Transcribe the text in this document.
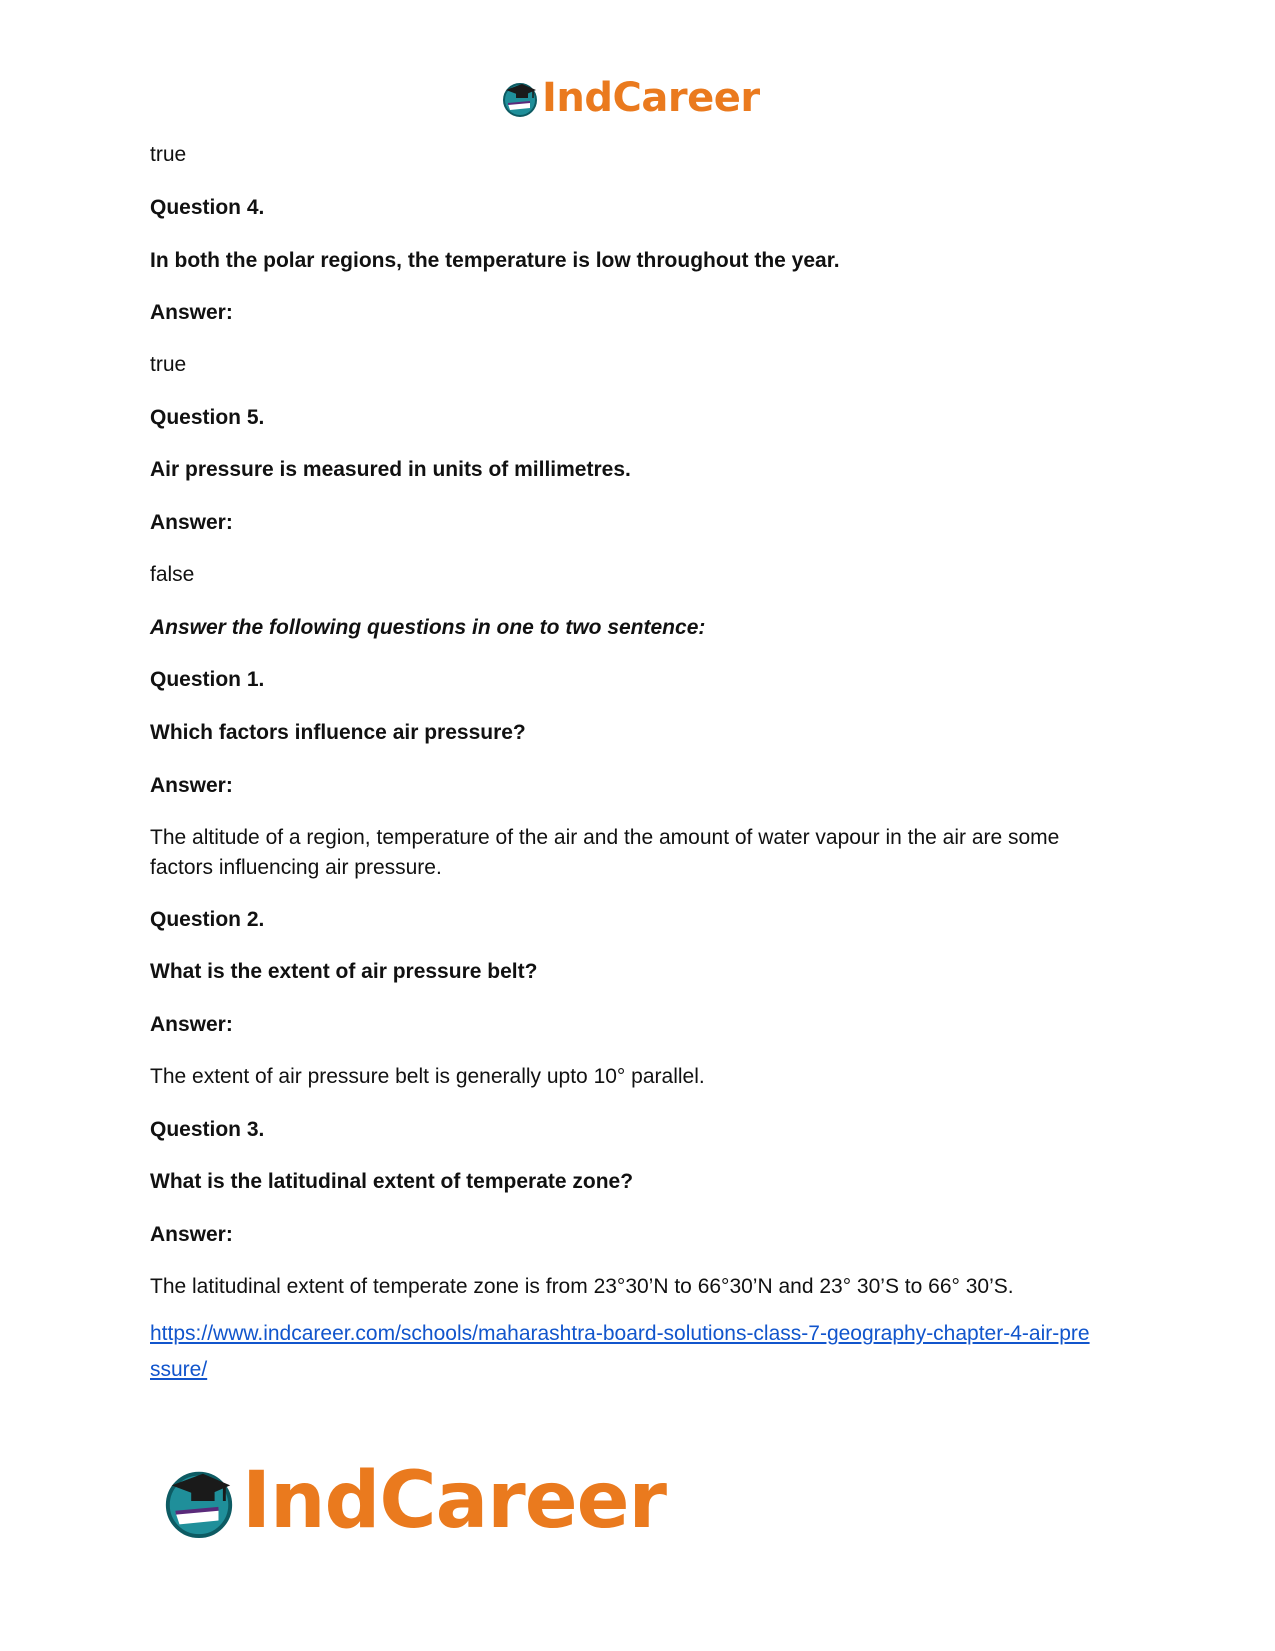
IndCareer
true
Question 4.
In both the polar regions, the temperature is low throughout the year.
Answer:
true
Question 5.
Air pressure is measured in units of millimetres.
Answer:
false
Answer the following questions in one to two sentence:
Question 1.
Which factors influence air pressure?
Answer:
The altitude of a region, temperature of the air and the amount of water vapour in the air are some factors influencing air pressure.
Question 2.
What is the extent of air pressure belt?
Answer:
The extent of air pressure belt is generally upto 10° parallel.
Question 3.
What is the latitudinal extent of temperate zone?
Answer:
The latitudinal extent of temperate zone is from 23°30’N to 66°30’N and 23° 30’S to 66° 30’S.
https://www.indcareer.com/schools/maharashtra-board-solutions-class-7-geography-chapter-4-air-pressure/
IndCareer
